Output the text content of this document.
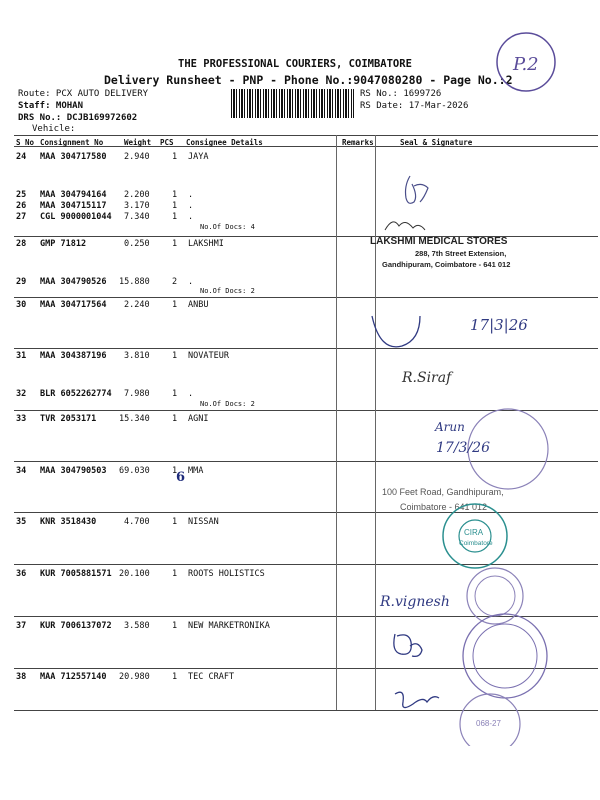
THE PROFESSIONAL COURIERS, COIMBATORE
Delivery Runsheet - PNP - Phone No.:9047080280 - Page No.:2
Route: PCX AUTO DELIVERY
Staff: MOHAN
DRS No.: DCJB169972602
Vehicle:
RS No.: 1699726
RS Date: 17-Mar-2026
P.2
S No Consignment No	Weight PCS Consignee Details	Remarks	Seal & Signature
24 MAA 304717580 2.940	1 JAYA
25 MAA 304794164 2.200	1 .
26 MAA 304715117 3.170	1 .
27 CGL 9000001044 7.340	1 .
No.Of Docs: 4
28 GMP 71812	0.250	1 LAKSHMI
29 MAA 304790526 15.880	2 .
No.Of Docs: 2
30 MAA 304717564 2.240	1 ANBU
31 MAA 304387196 3.810	1 NOVATEUR
32 BLR 6052262774 7.980	1 .
No.Of Docs: 2
33 TVR 2053171	15.340	1 AGNI
34 MAA 304790503 69.030	1 MMA
6
35 KNR 3518430	4.700	1 NISSAN
36 KUR 7005881571 20.100	1 ROOTS HOLISTICS
37 KUR 7006137072 3.580	1 NEW MARKETRONIKA
38 MAA 712557140 20.980	1 TEC CRAFT
LAKSHMI MEDICAL STORES
288, 7th Street Extension,
Gandhipuram, Coimbatore - 641 012
17|3|26
R.Siraf
Arun
17/3/26
100 Feet Road, Gandhipuram,
Coimbatore - 641 012
CIRA
Coimbatore
068-27
R.vignesh
